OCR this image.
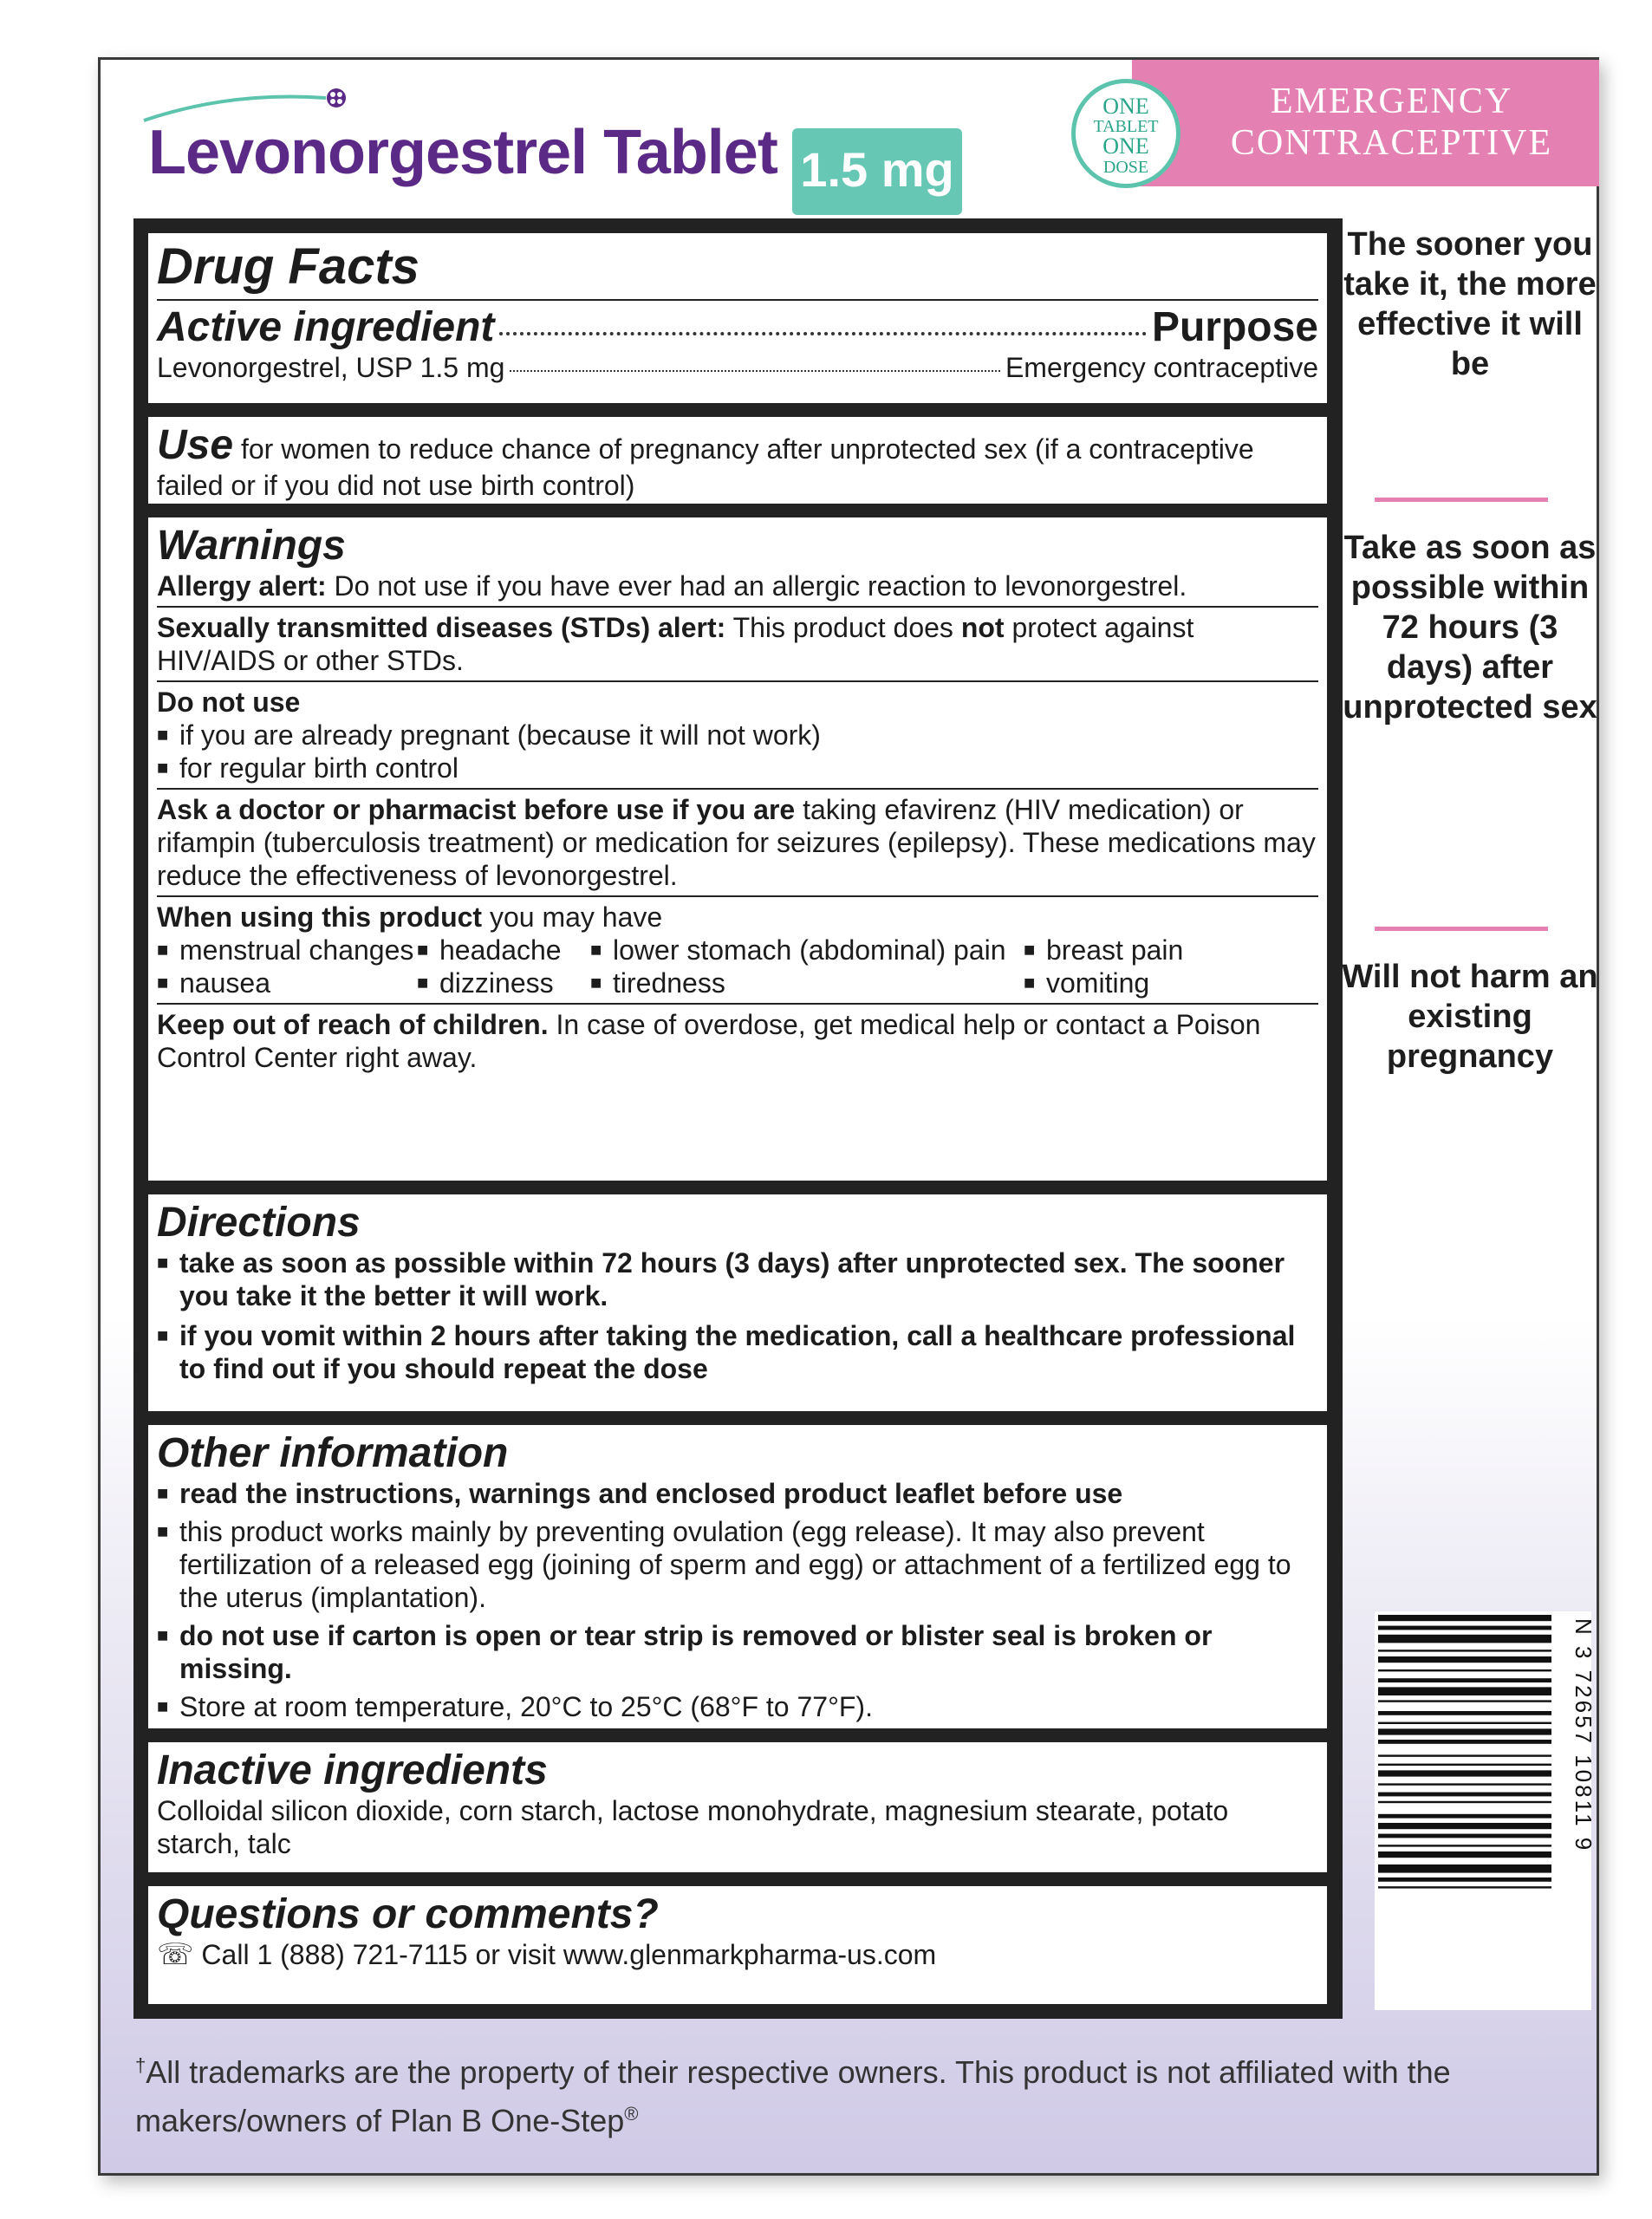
Levonorgestrel Tablet 1.5 mg
EMERGENCY
CONTRACEPTIVE
ONE
TABLET
ONE
DOSE
Drug Facts
Active ingredient	Purpose
Levonorgestrel, USP 1.5 mg	Emergency contraceptive
Use for women to reduce chance of pregnancy after unprotected sex (if a contraceptive failed or if you did not use birth control)
Warnings
Allergy alert: Do not use if you have ever had an allergic reaction to levonorgestrel.
Sexually transmitted diseases (STDs) alert: This product does not protect against HIV/AIDS or other STDs.
Do not use
■ if you are already pregnant (because it will not work)
■ for regular birth control
Ask a doctor or pharmacist before use if you are taking efavirenz (HIV medication) or rifampin (tuberculosis treatment) or medication for seizures (epilepsy). These medications may reduce the effectiveness of levonorgestrel.
When using this product you may have
■ menstrual changes ■ headache	■ lower stomach (abdominal) pain	■ breast pain
■ nausea	■ dizziness	■ tiredness	■ vomiting
Keep out of reach of children. In case of overdose, get medical help or contact a Poison Control Center right away.
Directions
■ take as soon as possible within 72 hours (3 days) after unprotected sex. The sooner you take it the better it will work.
■ if you vomit within 2 hours after taking the medication, call a healthcare professional to find out if you should repeat the dose
Other information
■ read the instructions, warnings and enclosed product leaflet before use
■ this product works mainly by preventing ovulation (egg release). It may also prevent fertilization of a released egg (joining of sperm and egg) or attachment of a fertilized egg to the uterus (implantation).
■ do not use if carton is open or tear strip is removed or blister seal is broken or missing.
■ Store at room temperature, 20°C to 25°C (68°F to 77°F).
Inactive ingredients
Colloidal silicon dioxide, corn starch, lactose monohydrate, magnesium stearate, potato starch, talc
Questions or comments?
☏ Call 1 (888) 721-7115 or visit www.glenmarkpharma-us.com
The sooner you take it, the more effective it will be
Take as soon as possible within 72 hours (3 days) after unprotected sex
Will not harm an existing pregnancy
N 3 72657 10811 9
†All trademarks are the property of their respective owners. This product is not affiliated with the makers/owners of Plan B One-Step®
